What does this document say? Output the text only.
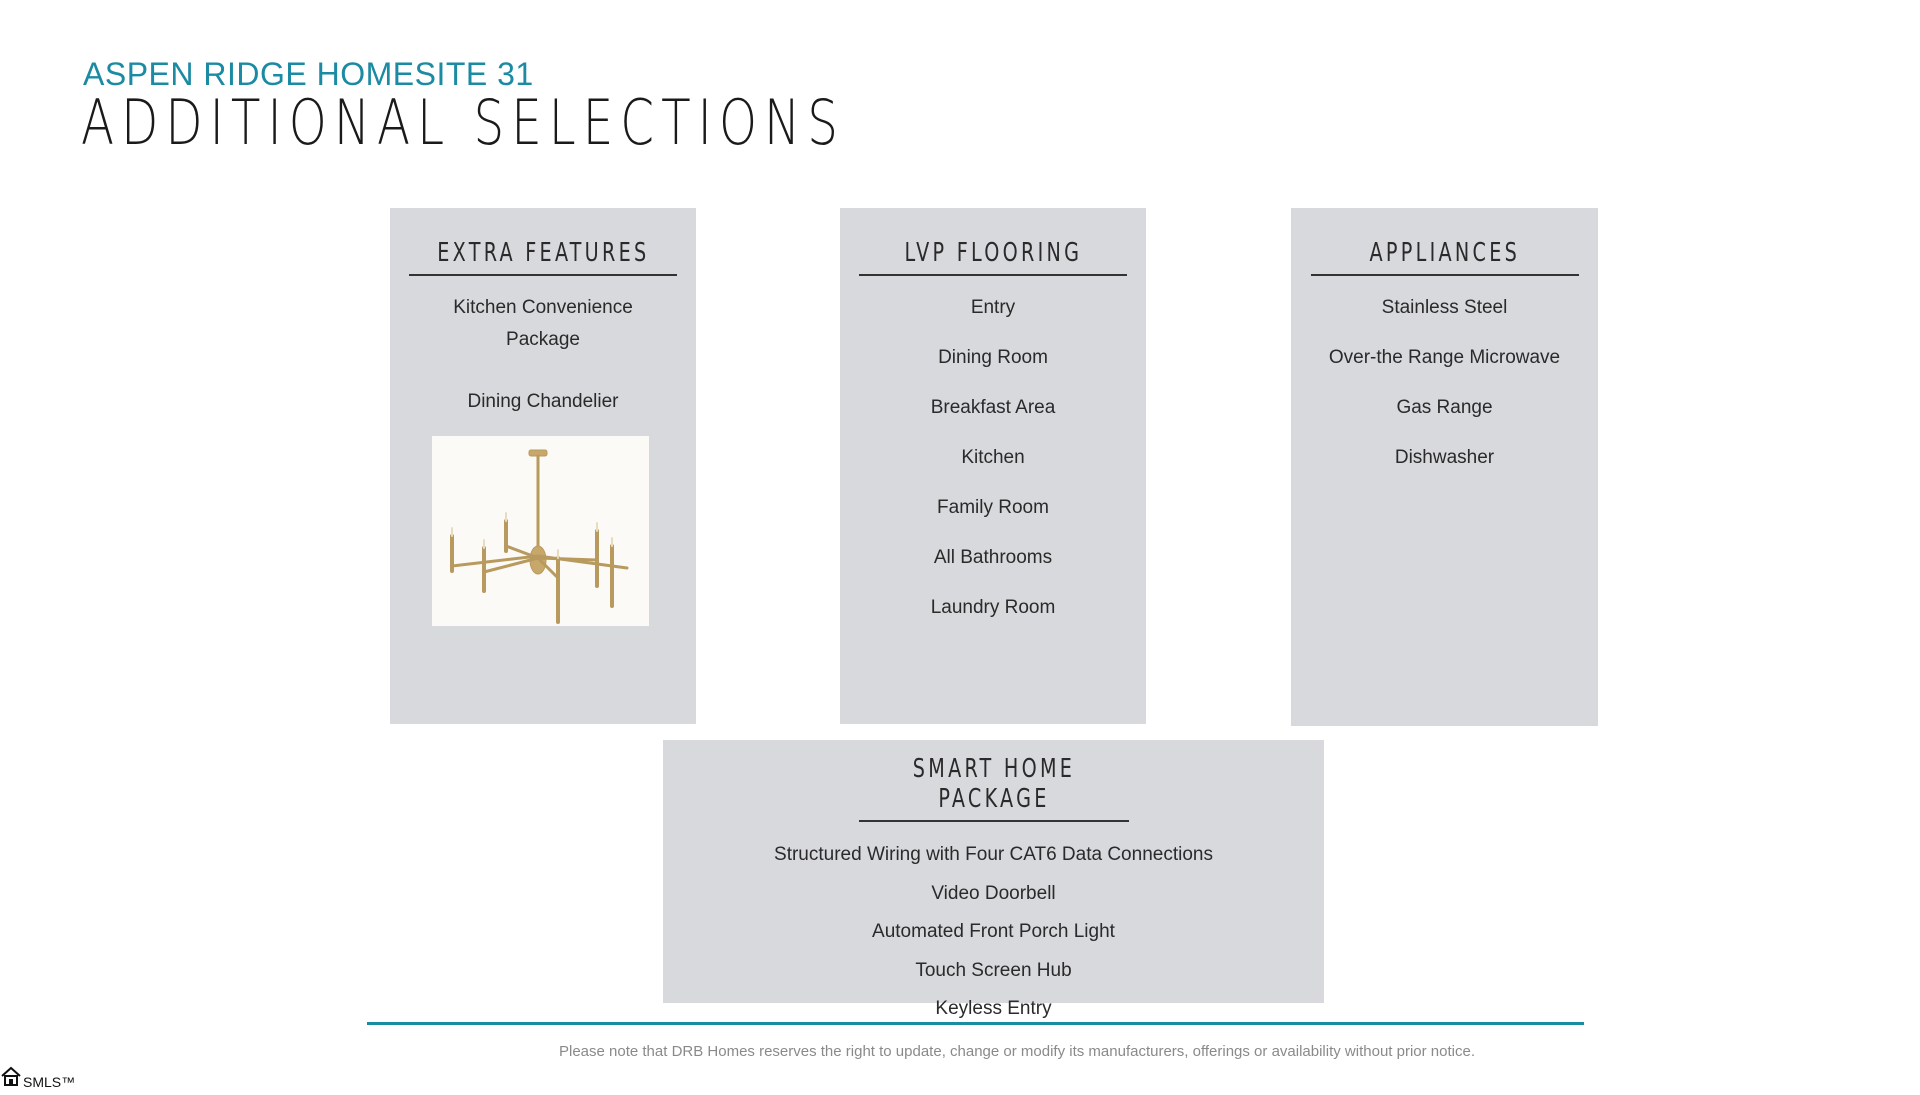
ASPEN RIDGE HOMESITE 31
ADDITIONAL SELECTIONS
EXTRA FEATURES
Kitchen Convenience Package
Dining Chandelier
LVP FLOORING
Entry
Dining Room
Breakfast Area
Kitchen
Family Room
All Bathrooms
Laundry Room
APPLIANCES
Stainless Steel
Over-the Range Microwave
Gas Range
Dishwasher
SMART HOME PACKAGE
Structured Wiring with Four CAT6 Data Connections
Video Doorbell
Automated Front Porch Light
Touch Screen Hub
Keyless Entry
Please note that DRB Homes reserves the right to update, change or modify its manufacturers, offerings or availability without prior notice.
SMLS™
